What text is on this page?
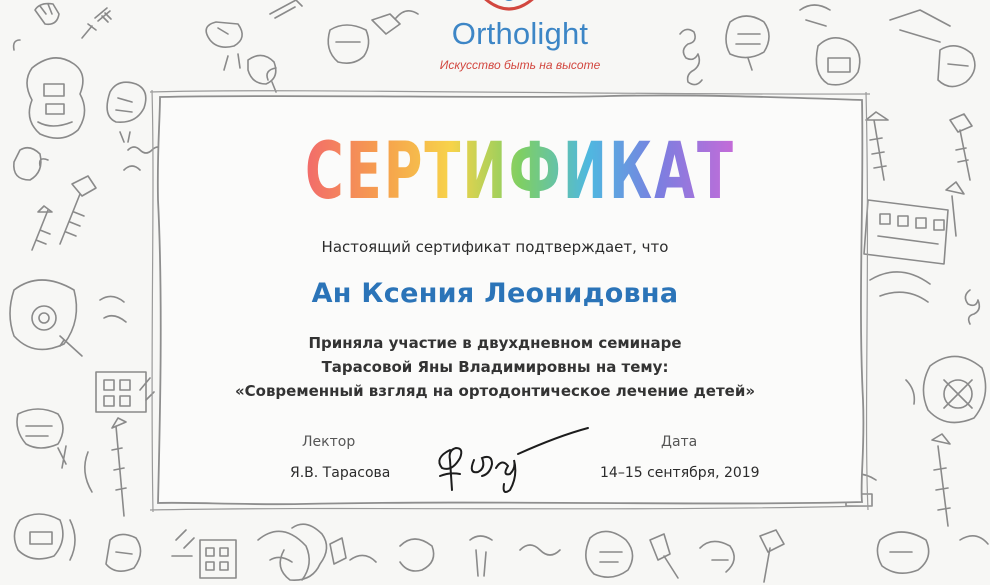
Ortholight
Искусство быть на высоте
СЕРТИФИКАТ
Настоящий сертификат подтверждает, что
Ан Ксения Леонидовна
Приняла участие в двухдневном семинаре
Тарасовой Яны Владимировны на тему:
«Современный взгляд на ортодонтическое лечение детей»
Лектор
Я.В. Тарасова
Дата
14–15 сентября, 2019
